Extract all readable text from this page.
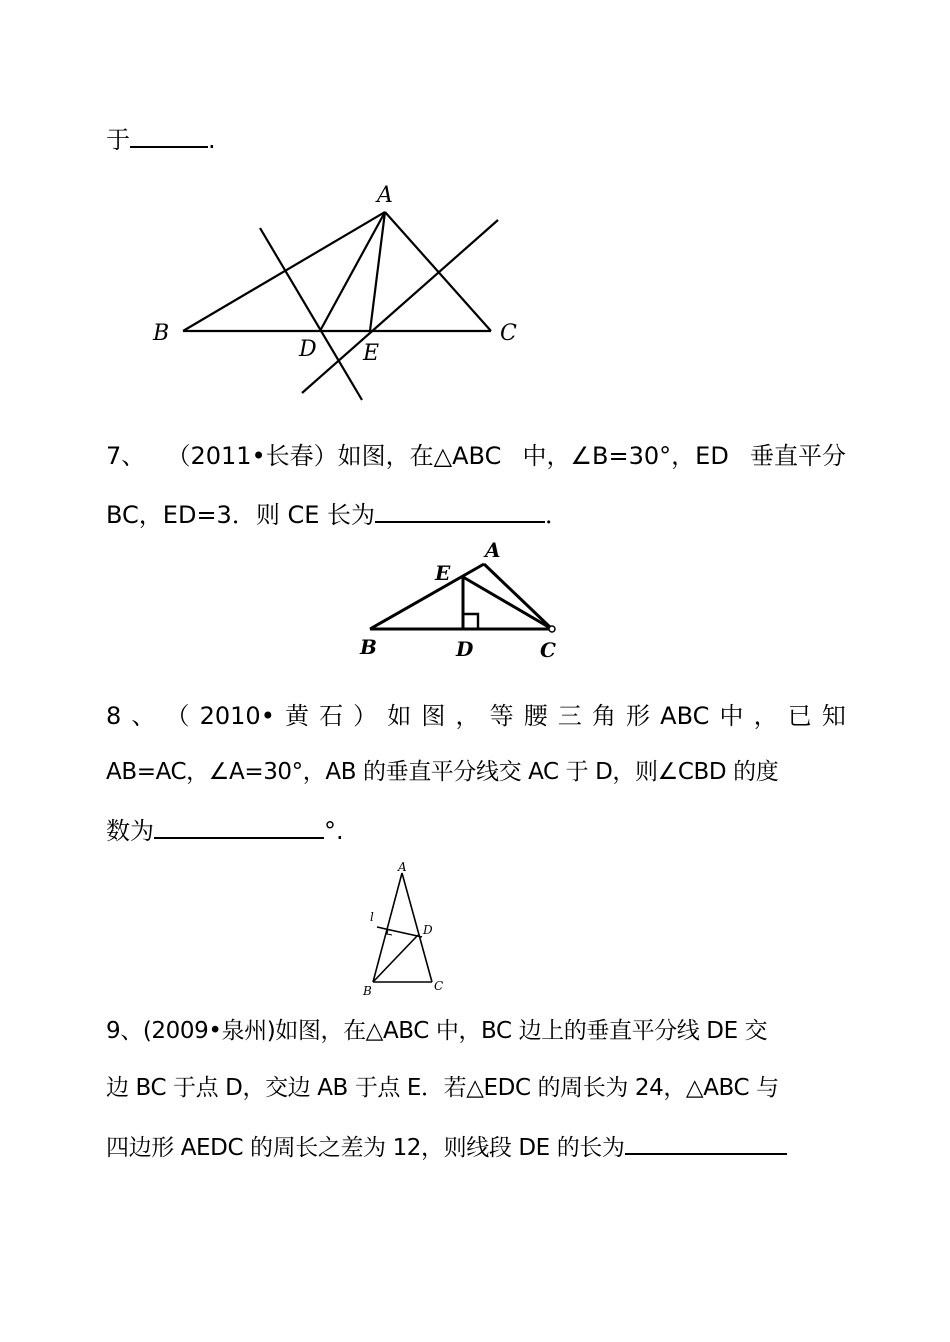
于	.
A
B	C
D E
7、 （2011•长春）如图，在△ABC 中，∠B=30°，ED 垂直平分
BC，ED=3．则 CE 长为	．
A
E
B	D	C
8 、 （ 2010• 黄 石 ） 如 图 ， 等 腰 三 角 形 ABC 中 ， 已 知
AB=AC，∠A=30°，AB 的垂直平分线交 AC 于 D，则∠CBD 的度
数为	°.
A
l
D
B	C
9、(2009•泉州)如图，在△ABC 中，BC 边上的垂直平分线 DE 交
边 BC 于点 D，交边 AB 于点 E．若△EDC 的周长为 24，△ABC 与
四边形 AEDC 的周长之差为 12，则线段 DE 的长为
